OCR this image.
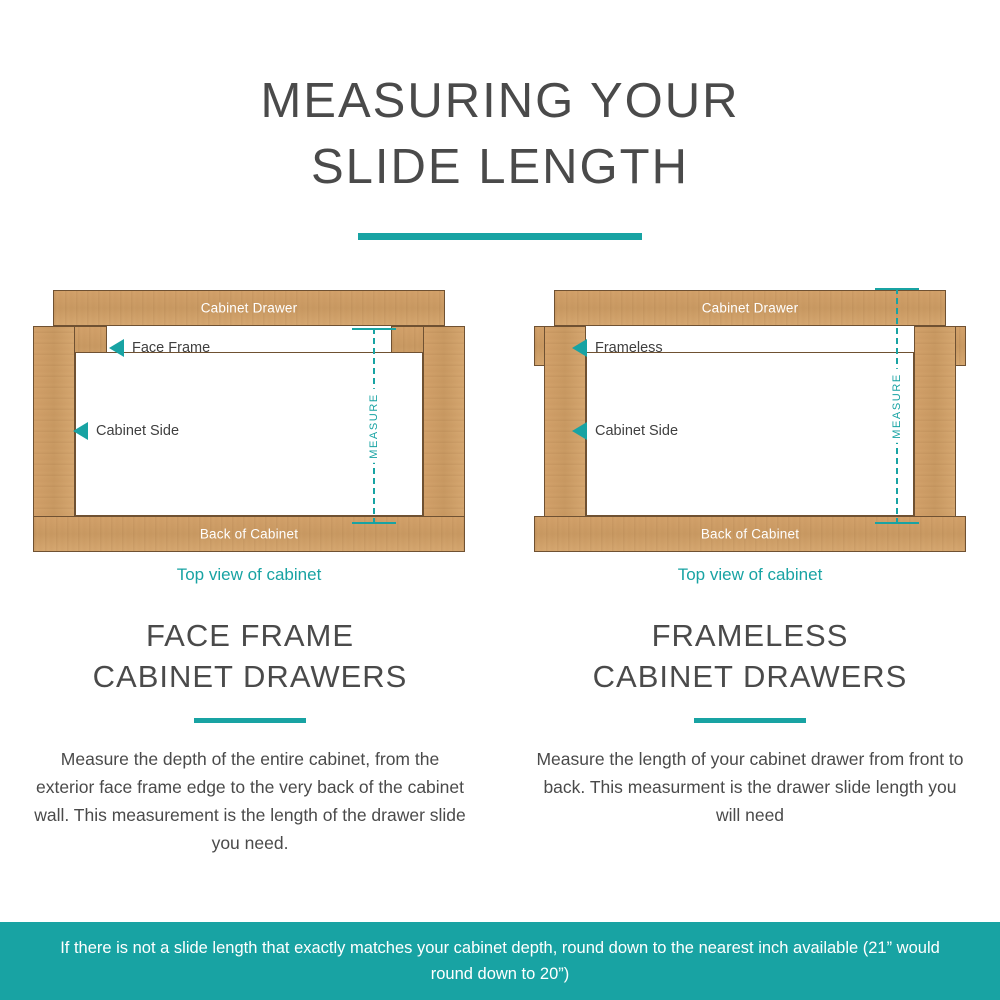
MEASURING YOUR
SLIDE LENGTH
Cabinet Drawer
Back of Cabinet
Face Frame
Cabinet Side	MEASURE
Top view of cabinet
Cabinet Drawer
Back of Cabinet
Frameless
Cabinet Side	MEASURE
Top view of cabinet
FACE FRAME
CABINET DRAWERS

Measure the depth of the entire cabinet, from the exterior face frame edge to the very back of the cabinet wall. This measurement is the length of the drawer slide you need.

FRAMELESS
CABINET DRAWERS

Measure the length of your cabinet drawer from front to back. This measurment is the drawer slide length you will need

If there is not a slide length that exactly matches your cabinet depth, round down to the nearest inch available (21” would round down to 20”)
